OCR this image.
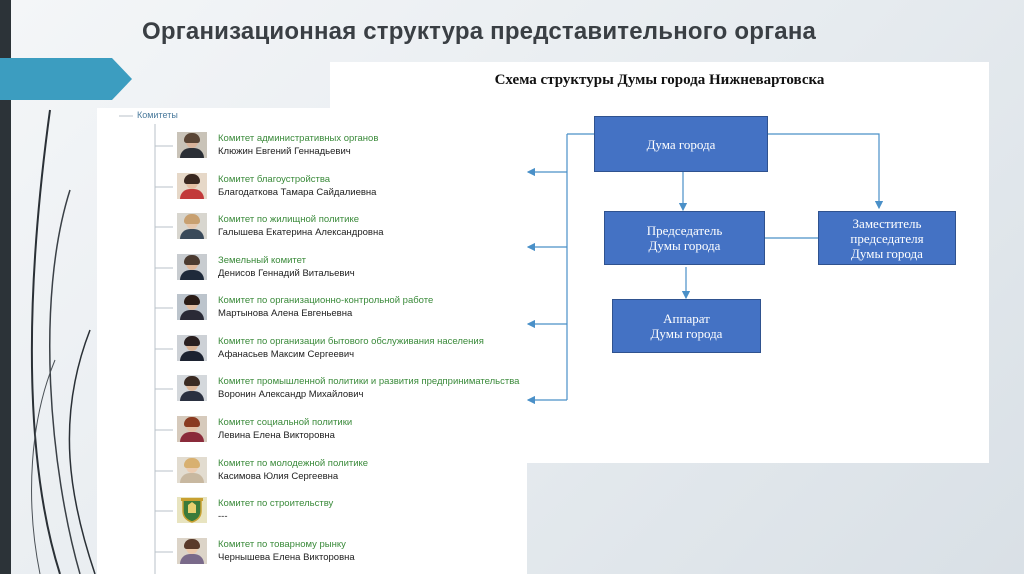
Организационная структура представительного органа
Схема структуры Думы города Нижневартовска
Дума города
Председатель
Думы города
Заместитель
председателя
Думы города
Аппарат
Думы города
Комитеты
Комитет административных органов
Клюжин Евгений Геннадьевич
Комитет благоустройства
Благодаткова Тамара Сайдалиевна
Комитет по жилищной политике
Галышева Екатерина Александровна
Земельный комитет
Денисов Геннадий Витальевич
Комитет по организационно-контрольной работе
Мартынова Алена Евгеньевна
Комитет по организации бытового обслуживания населения
Афанасьев Максим Сергеевич
Комитет промышленной политики и развития предпринимательства
Воронин Александр Михайлович
Комитет социальной политики
Левина Елена Викторовна
Комитет по молодежной политике
Касимова Юлия Сергеевна
Комитет по строительству
---
Комитет по товарному рынку
Чернышева Елена Викторовна
